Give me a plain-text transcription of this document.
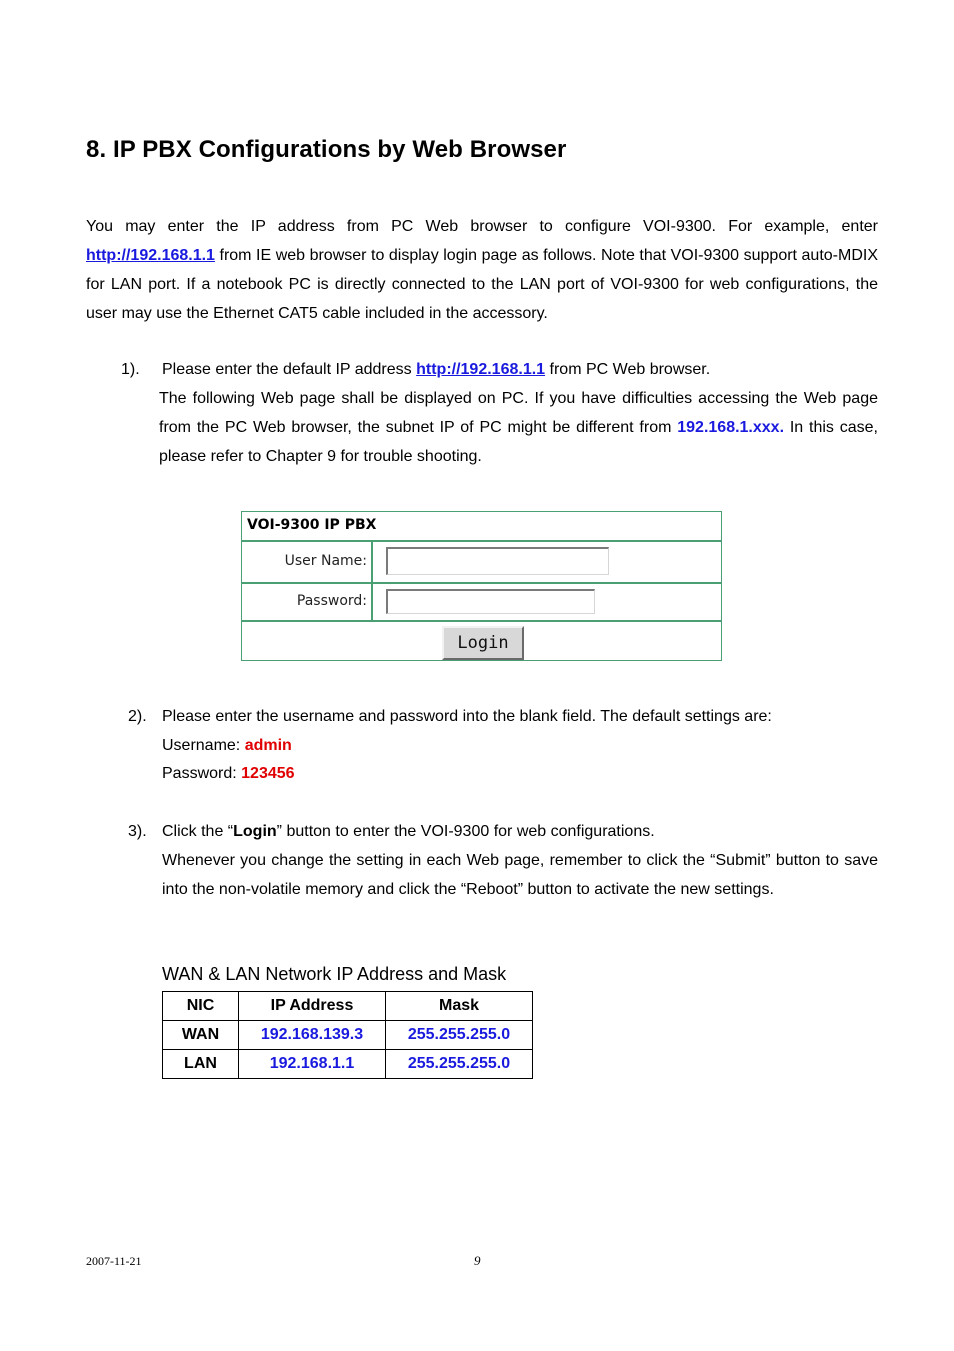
8. IP PBX Configurations by Web Browser
You may enter the IP address from PC Web browser to configure VOI-9300. For example, enter http://192.168.1.1 from IE web browser to display login page as follows. Note that VOI-9300 support auto-MDIX for LAN port. If a notebook PC is directly connected to the LAN port of VOI-9300 for web configurations, the user may use the Ethernet CAT5 cable included in the accessory.
1). Please enter the default IP address http://192.168.1.1 from PC Web browser.
The following Web page shall be displayed on PC. If you have difficulties accessing the Web page from the PC Web browser, the subnet IP of PC might be different from 192.168.1.xxx. In this case, please refer to Chapter 9 for trouble shooting.
VOI-9300 IP PBX
User Name:
Password:
Login
2). Please enter the username and password into the blank field. The default settings are:
Username: admin
Password: 123456
3). Click the “Login” button to enter the VOI-9300 for web configurations.
Whenever you change the setting in each Web page, remember to click the “Submit” button to save into the non-volatile memory and click the “Reboot” button to activate the new settings.
WAN & LAN Network IP Address and Mask
NIC	IP Address	Mask
WAN	192.168.139.3	255.255.255.0
LAN	192.168.1.1	255.255.255.0
2007-11-21	9
